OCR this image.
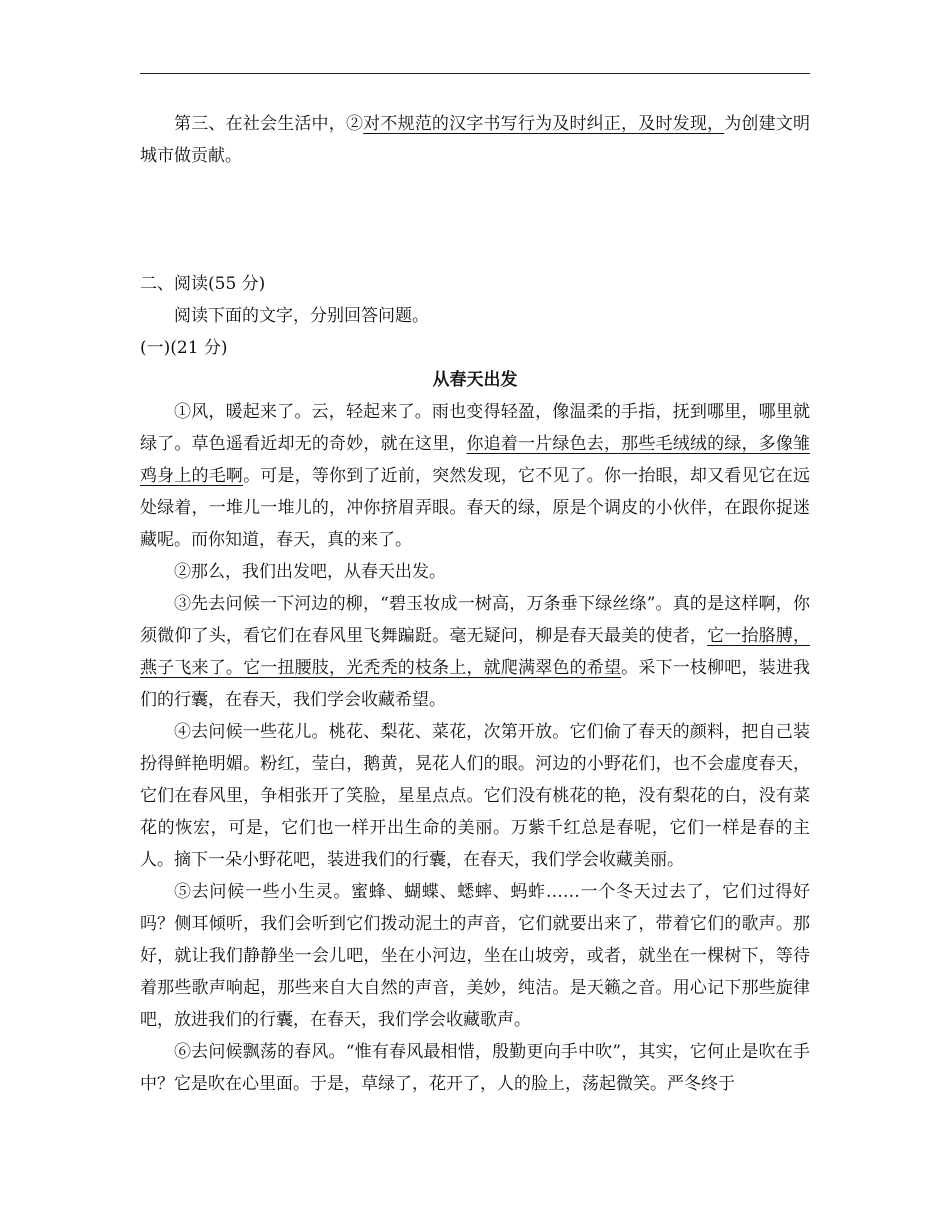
第三、在社会生活中，②对不规范的汉字书写行为及时纠正，及时发现，为创建文明城市做贡献。

二、阅读(55 分)

阅读下面的文字，分别回答问题。

(一)(21 分)

从春天出发

①风，暖起来了。云，轻起来了。雨也变得轻盈，像温柔的手指，抚到哪里，哪里就绿了。草色遥看近却无的奇妙，就在这里，你追着一片绿色去，那些毛绒绒的绿，多像雏鸡身上的毛啊。可是，等你到了近前，突然发现，它不见了。你一抬眼，却又看见它在远处绿着，一堆儿一堆儿的，冲你挤眉弄眼。春天的绿，原是个调皮的小伙伴，在跟你捉迷藏呢。而你知道，春天，真的来了。

②那么，我们出发吧，从春天出发。

③先去问候一下河边的柳，“碧玉妆成一树高，万条垂下绿丝绦”。真的是这样啊，你须微仰了头，看它们在春风里飞舞蹁跹。毫无疑问，柳是春天最美的使者，它一抬胳膊，燕子飞来了。它一扭腰肢，光秃秃的枝条上，就爬满翠色的希望。采下一枝柳吧，装进我们的行囊，在春天，我们学会收藏希望。

④去问候一些花儿。桃花、梨花、菜花，次第开放。它们偷了春天的颜料，把自己装扮得鲜艳明媚。粉红，莹白，鹅黄，晃花人们的眼。河边的小野花们，也不会虚度春天，它们在春风里，争相张开了笑脸，星星点点。它们没有桃花的艳，没有梨花的白，没有菜花的恢宏，可是，它们也一样开出生命的美丽。万紫千红总是春呢，它们一样是春的主人。摘下一朵小野花吧，装进我们的行囊，在春天，我们学会收藏美丽。

⑤去问候一些小生灵。蜜蜂、蝴蝶、蟋蟀、蚂蚱……一个冬天过去了，它们过得好吗？侧耳倾听，我们会听到它们拨动泥土的声音，它们就要出来了，带着它们的歌声。那好，就让我们静静坐一会儿吧，坐在小河边，坐在山坡旁，或者，就坐在一棵树下，等待着那些歌声响起，那些来自大自然的声音，美妙，纯洁。是天籁之音。用心记下那些旋律吧，放进我们的行囊，在春天，我们学会收藏歌声。

⑥去问候飘荡的春风。“惟有春风最相惜，殷勤更向手中吹”，其实，它何止是吹在手中？它是吹在心里面。于是，草绿了，花开了，人的脸上，荡起微笑。严冬终于
